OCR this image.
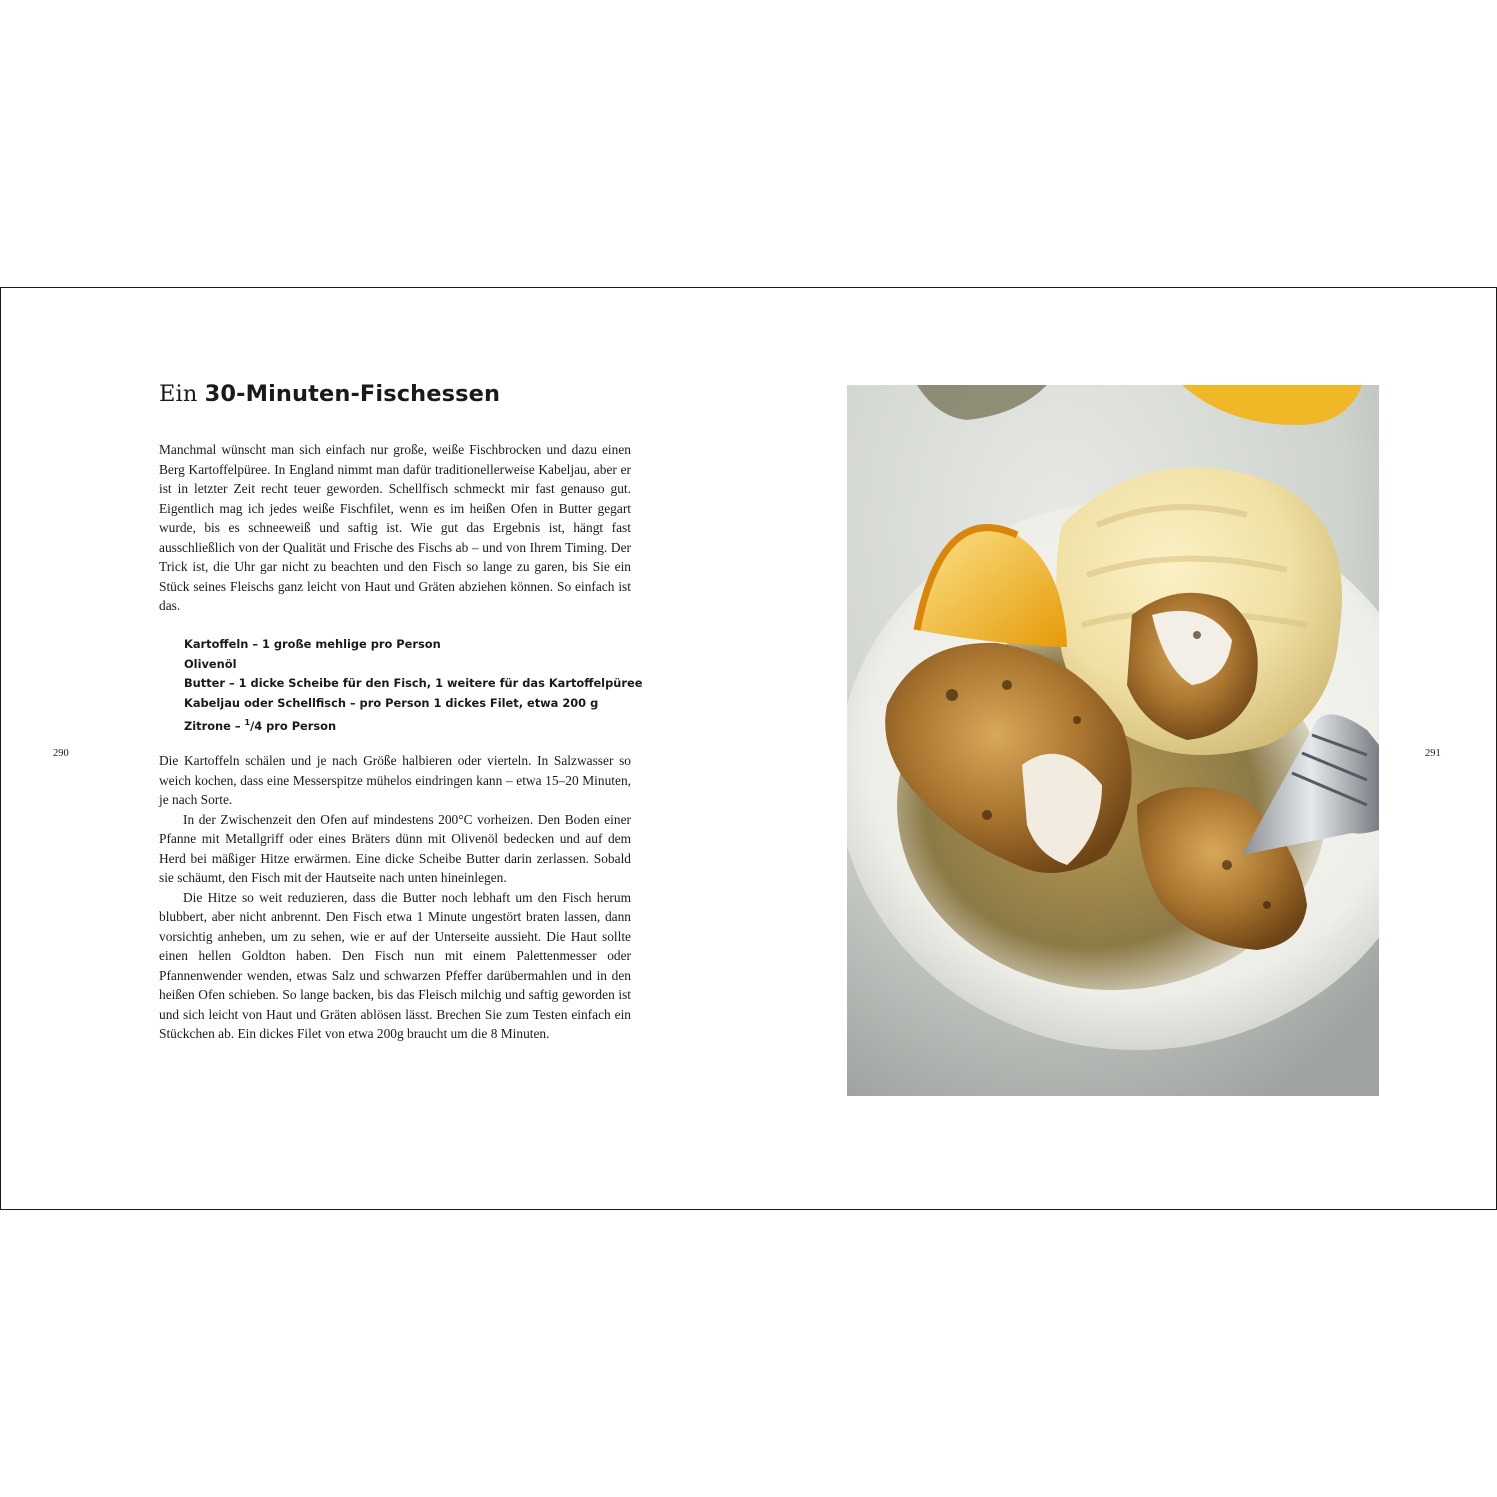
Ein 30-Minuten-Fischessen

Manchmal wünscht man sich einfach nur große, weiße Fischbrocken und dazu einen Berg Kartoffelpüree. In England nimmt man dafür traditionellerweise Kabeljau, aber er ist in letzter Zeit recht teuer geworden. Schellfisch schmeckt mir fast genauso gut. Eigentlich mag ich jedes weiße Fischfilet, wenn es im heißen Ofen in Butter gegart wurde, bis es schneeweiß und saftig ist. Wie gut das Ergebnis ist, hängt fast ausschließlich von der Qualität und Frische des Fischs ab – und von Ihrem Timing. Der Trick ist, die Uhr gar nicht zu beachten und den Fisch so lange zu garen, bis Sie ein Stück seines Fleischs ganz leicht von Haut und Gräten abziehen können. So einfach ist das.

Kartoffeln – 1 große mehlige pro Person
Olivenöl
Butter – 1 dicke Scheibe für den Fisch, 1 weitere für das Kartoffelpüree
Kabeljau oder Schellfisch – pro Person 1 dickes Filet, etwa 200 g
Zitrone – $^1$/4 pro Person

Die Kartoffeln schälen und je nach Größe halbieren oder vierteln. In Salzwasser so weich kochen, dass eine Messerspitze mühelos eindringen kann – etwa 15–20 Minuten, je nach Sorte.

In der Zwischenzeit den Ofen auf mindestens 200°C vorheizen. Den Boden einer Pfanne mit Metallgriff oder eines Bräters dünn mit Olivenöl bedecken und auf dem Herd bei mäßiger Hitze erwärmen. Eine dicke Scheibe Butter darin zerlassen. Sobald sie schäumt, den Fisch mit der Hautseite nach unten hineinlegen.

Die Hitze so weit reduzieren, dass die Butter noch lebhaft um den Fisch herum blubbert, aber nicht anbrennt. Den Fisch etwa 1 Minute ungestört braten lassen, dann vorsichtig anheben, um zu sehen, wie er auf der Unterseite aussieht. Die Haut sollte einen hellen Goldton haben. Den Fisch nun mit einem Palettenmesser oder Pfannenwender wenden, etwas Salz und schwarzen Pfeffer darübermahlen und in den heißen Ofen schieben. So lange backen, bis das Fleisch milchig und saftig geworden ist und sich leicht von Haut und Gräten ablösen lässt. Brechen Sie zum Testen einfach ein Stückchen ab. Ein dickes Filet von etwa 200g braucht um die 8 Minuten.

290	291
